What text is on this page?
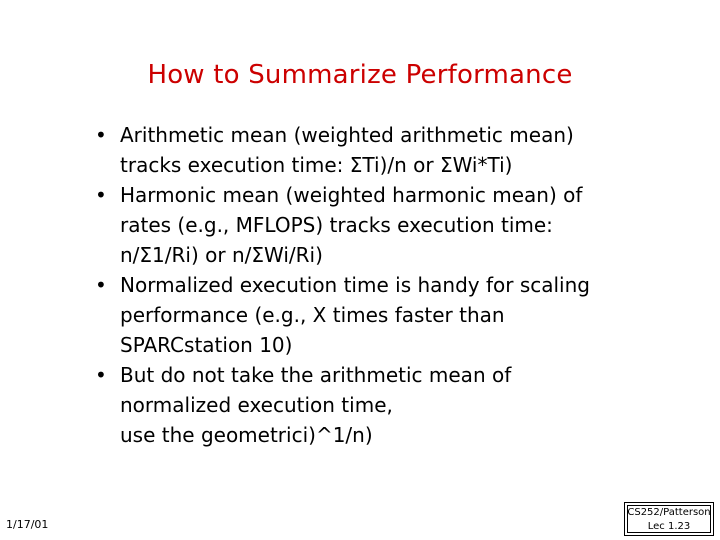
How to Summarize Performance
• Arithmetic mean (weighted arithmetic mean)
tracks execution time: ΣTi)/n or ΣWi*Ti)
• Harmonic mean (weighted harmonic mean) of
rates (e.g., MFLOPS) tracks execution time:
n/Σ1/Ri) or n/ΣWi/Ri)
• Normalized execution time is handy for scaling
performance (e.g., X times faster than
SPARCstation 10)
• But do not take the arithmetic mean of
normalized execution time,
use the geometrici)^1/n)
1/17/01
CS252/Patterson
Lec 1.23
